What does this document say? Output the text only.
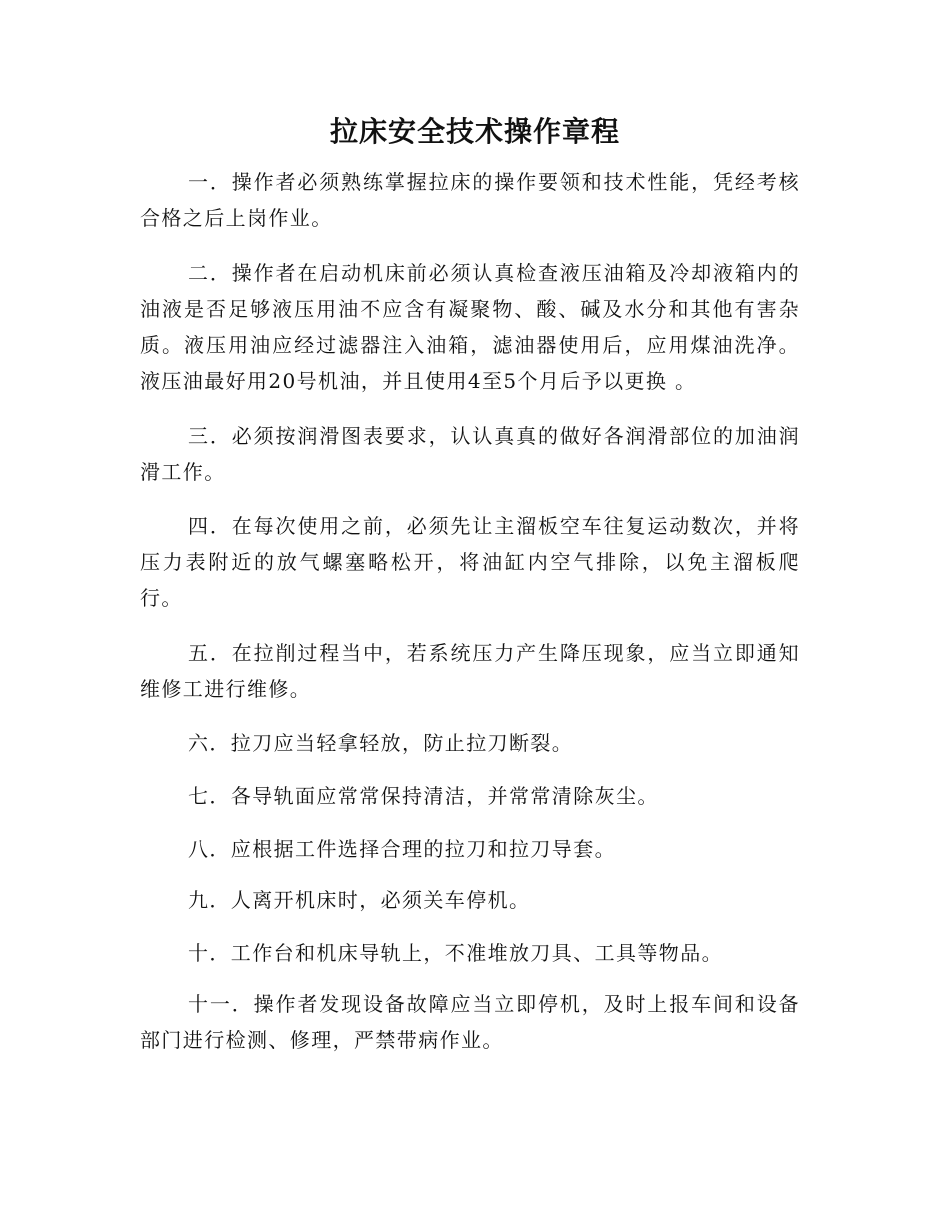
拉床安全技术操作章程

一．操作者必须熟练掌握拉床的操作要领和技术性能，凭经考核合格之后上岗作业。

二．操作者在启动机床前必须认真检查液压油箱及冷却液箱内的油液是否足够液压用油不应含有凝聚物、酸、碱及水分和其他有害杂质。液压用油应经过滤器注入油箱，滤油器使用后，应用煤油洗净。液压油最好用20号机油，并且使用4至5个月后予以更换 。

三．必须按润滑图表要求，认认真真的做好各润滑部位的加油润滑工作。

四．在每次使用之前，必须先让主溜板空车往复运动数次，并将压力表附近的放气螺塞略松开，将油缸内空气排除，以免主溜板爬行。

五．在拉削过程当中，若系统压力产生降压现象，应当立即通知维修工进行维修。

六．拉刀应当轻拿轻放，防止拉刀断裂。

七．各导轨面应常常保持清洁，并常常清除灰尘。

八．应根据工件选择合理的拉刀和拉刀导套。

九．人离开机床时，必须关车停机。

十．工作台和机床导轨上，不准堆放刀具、工具等物品。

十一．操作者发现设备故障应当立即停机，及时上报车间和设备部门进行检测、修理，严禁带病作业。
